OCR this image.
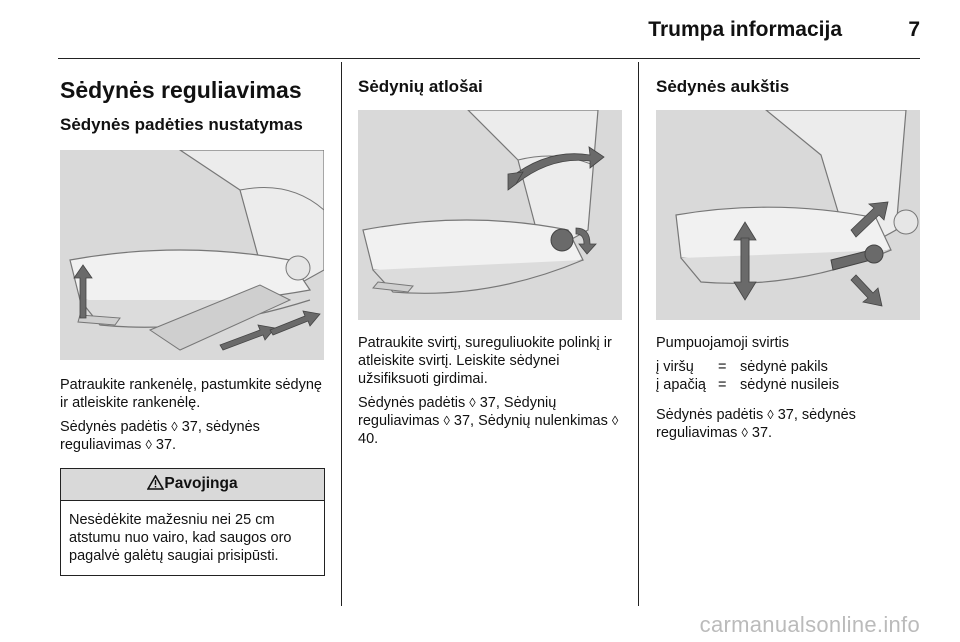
Trumpa informacija	7
Sėdynės reguliavimas
Sėdynės padėties nustatymas

Patraukite rankenėlę, pastumkite sėdynę ir atleiskite rankenėlę.

Sėdynės padėtis ◊ 37, sėdynės reguliavimas ◊ 37.

Pavojinga
Nesėdėkite mažesniu nei 25 cm atstumu nuo vairo, kad saugos oro pagalvė galėtų saugiai prisipūsti.
Sėdynių atlošai

Patraukite svirtį, sureguliuokite polinkį ir atleiskite svirtį. Leiskite sėdynei užsifiksuoti girdimai.

Sėdynės padėtis ◊ 37, Sėdynių reguliavimas ◊ 37, Sėdynių nulenkimas ◊ 40.

Sėdynės aukštis

Pumpuojamoji svirtis

į viršų	= sėdynė pakils
į apačią = sėdynė nusileis

Sėdynės padėtis ◊ 37, sėdynės reguliavimas ◊ 37.

carmanualsonline.info
